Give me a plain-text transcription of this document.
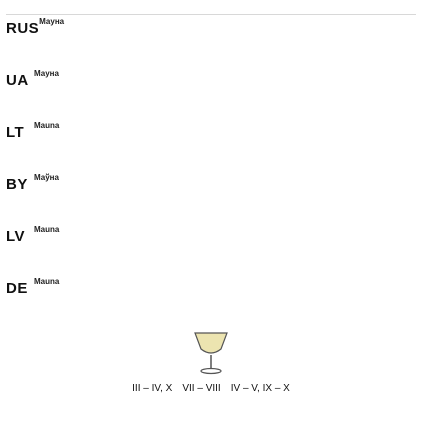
RUS Мауна
UA Мауна
LT	Mauna
BY Маўна
LV	Mauna
DE Mauna
III – IV, X VII – VIII IV – V, IX – X
